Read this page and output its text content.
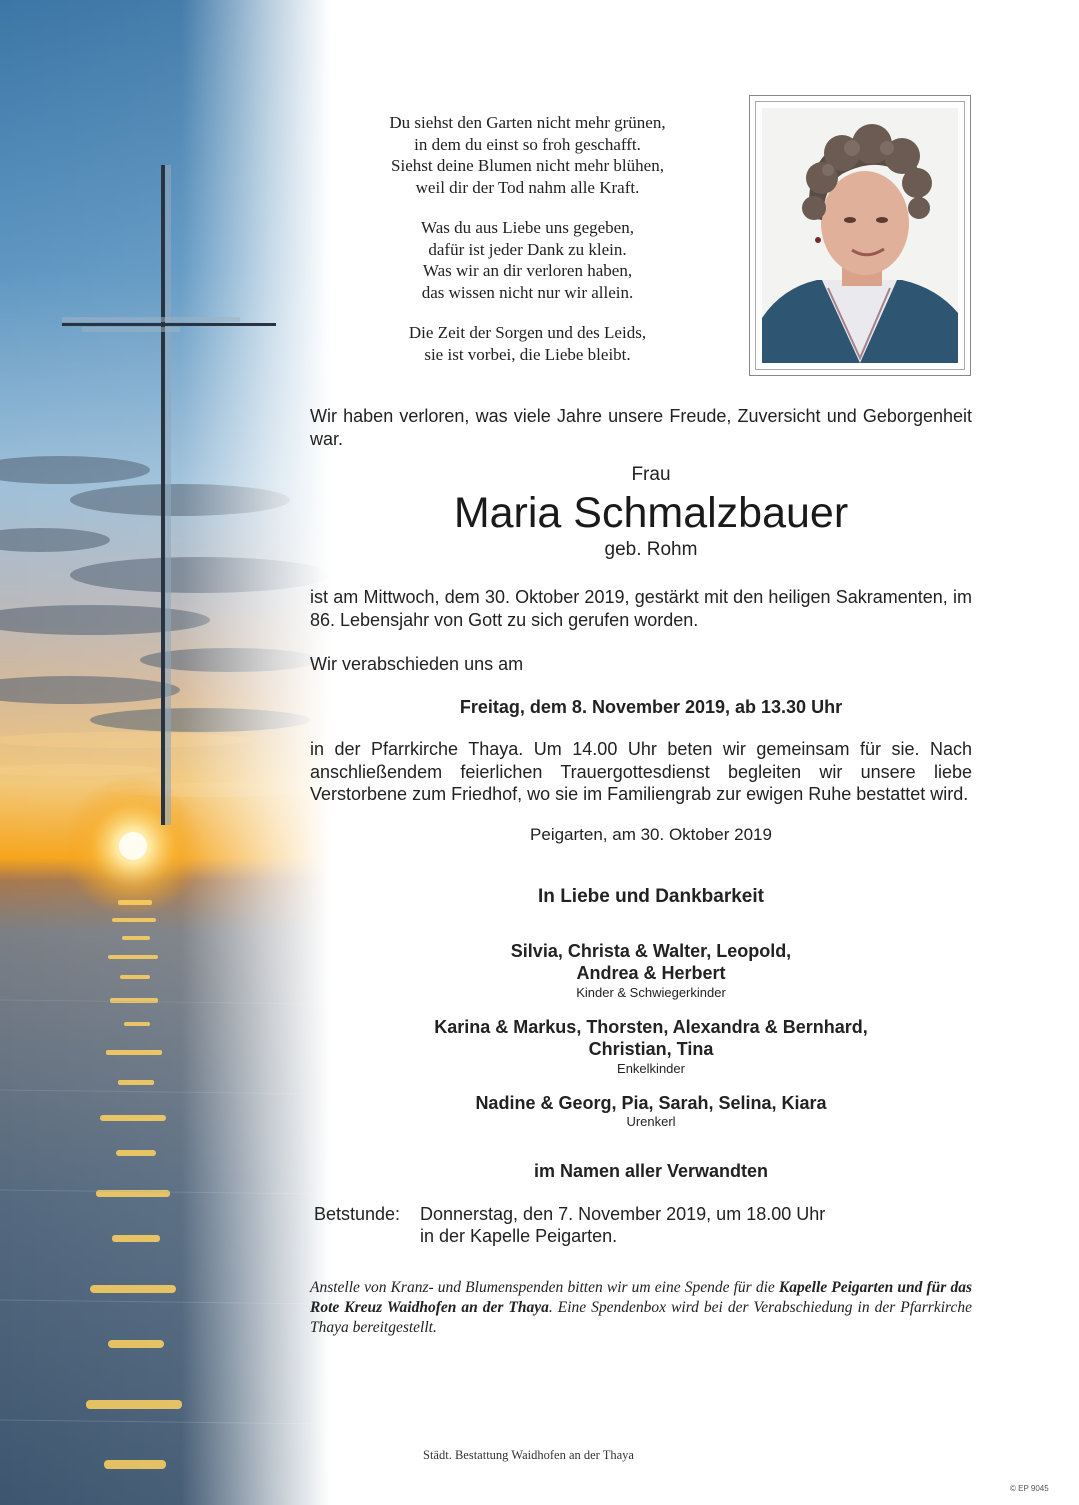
Du siehst den Garten nicht mehr grünen,
in dem du einst so froh geschafft.
Siehst deine Blumen nicht mehr blühen,
weil dir der Tod nahm alle Kraft.
Was du aus Liebe uns gegeben,
dafür ist jeder Dank zu klein.
Was wir an dir verloren haben,
das wissen nicht nur wir allein.
Die Zeit der Sorgen und des Leids,
sie ist vorbei, die Liebe bleibt.
Wir haben verloren, was viele Jahre unsere Freude, Zuversicht und Geborgenheit war.
Frau
Maria Schmalzbauer
geb. Rohm
ist am Mittwoch, dem 30. Oktober 2019, gestärkt mit den heiligen Sakramenten, im 86. Lebensjahr von Gott zu sich gerufen worden.
Wir verabschieden uns am
Freitag, dem 8. November 2019, ab 13.30 Uhr
in der Pfarrkirche Thaya. Um 14.00 Uhr beten wir gemeinsam für sie. Nach anschließendem feierlichen Trauergottesdienst begleiten wir unsere liebe Verstorbene zum Friedhof, wo sie im Familiengrab zur ewigen Ruhe bestattet wird.
Peigarten, am 30. Oktober 2019
In Liebe und Dankbarkeit
Silvia, Christa & Walter, Leopold,
Andrea & Herbert
Kinder & Schwiegerkinder
Karina & Markus, Thorsten, Alexandra & Bernhard,
Christian, Tina
Enkelkinder
Nadine & Georg, Pia, Sarah, Selina, Kiara
Urenkerl
im Namen aller Verwandten
Betstunde:	Donnerstag, den 7. November 2019, um 18.00 Uhr
in der Kapelle Peigarten.
Anstelle von Kranz- und Blumenspenden bitten wir um eine Spende für die Kapelle Peigarten und für das Rote Kreuz Waidhofen an der Thaya. Eine Spendenbox wird bei der Verabschiedung in der Pfarrkirche Thaya bereitgestellt.
Städt. Bestattung Waidhofen an der Thaya
© EP 9045
